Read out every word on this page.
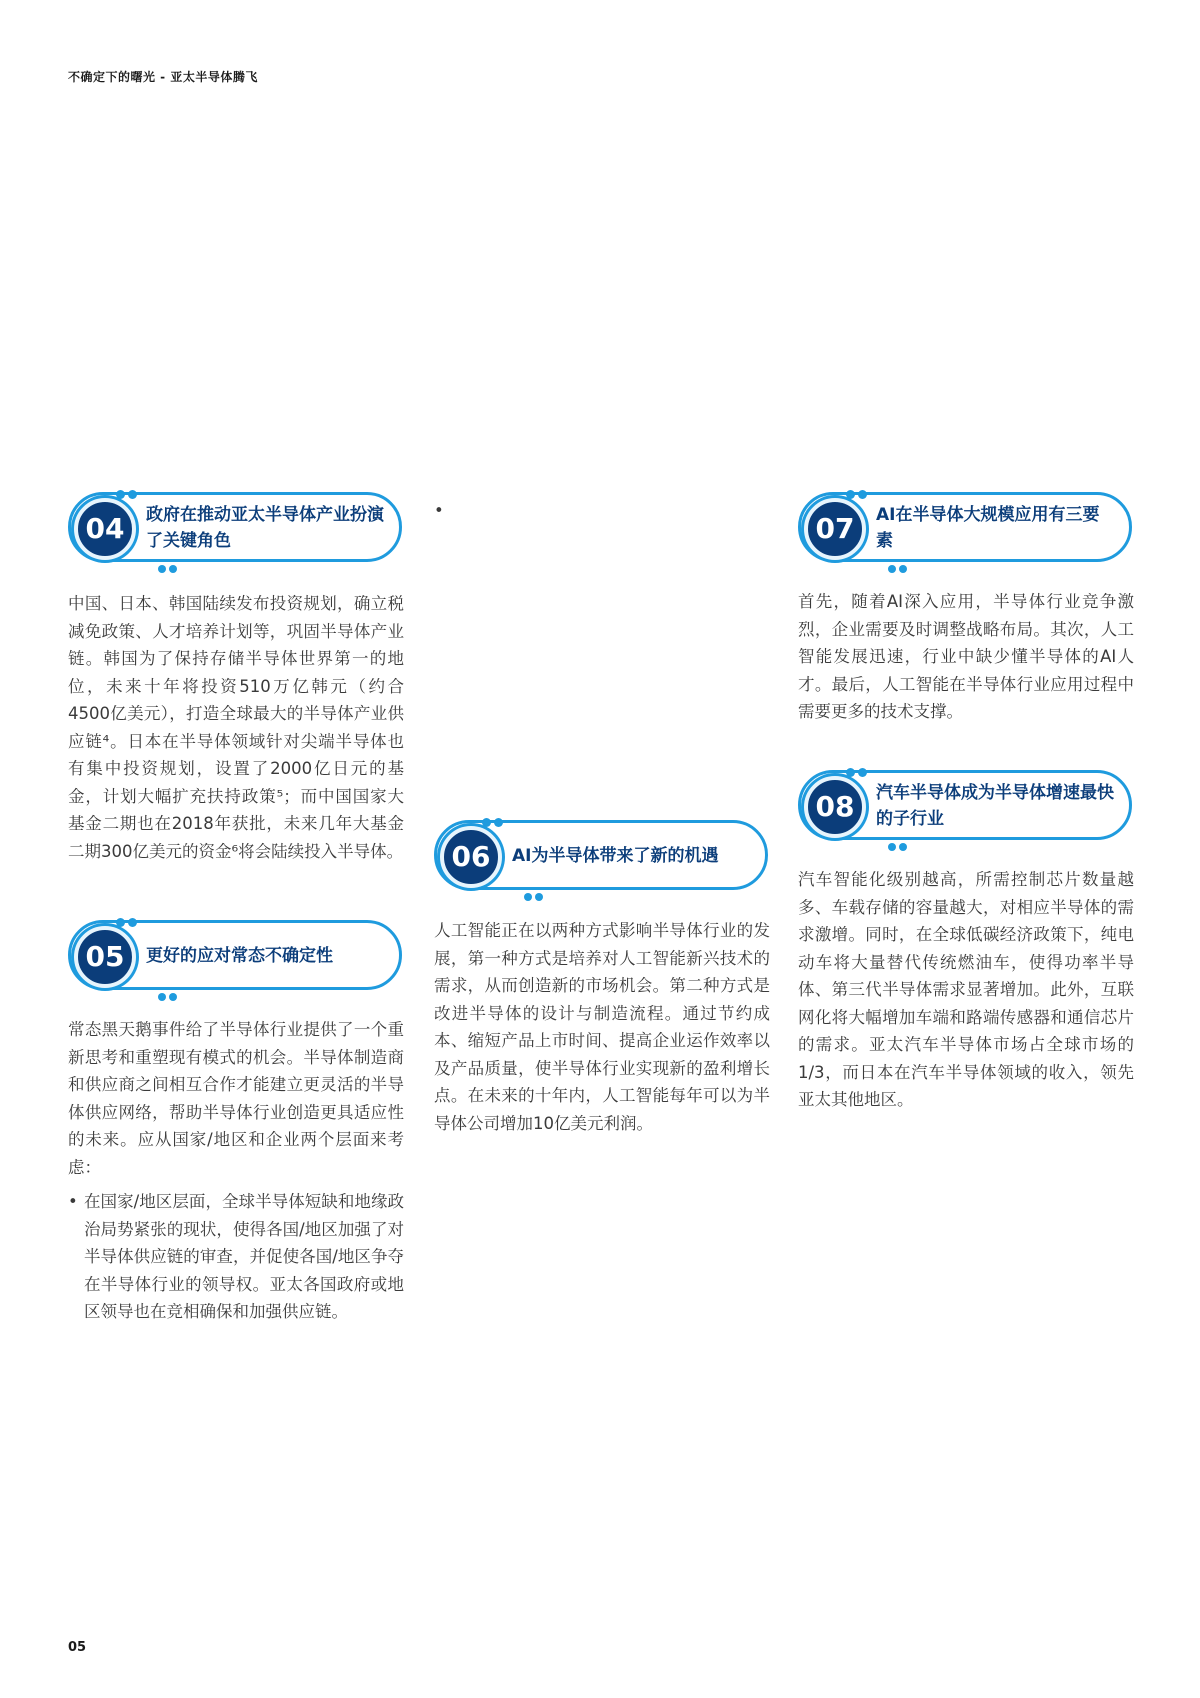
不确定下的曙光 - 亚太半导体腾飞
04	政府在推动亚太半导体产业扮演了关键角色
中国、日本、韩国陆续发布投资规划，确立税减免政策、人才培养计划等，巩固半导体产业链。韩国为了保持存储半导体世界第一的地位，未来十年将投资510万亿韩元（约合4500亿美元），打造全球最大的半导体产业供应链⁴。日本在半导体领域针对尖端半导体也有集中投资规划，设置了2000亿日元的基金，计划大幅扩充扶持政策⁵；而中国国家大基金二期也在2018年获批，未来几年大基金二期300亿美元的资金⁶将会陆续投入半导体。
05	更好的应对常态不确定性
常态黑天鹅事件给了半导体行业提供了一个重新思考和重塑现有模式的机会。半导体制造商和供应商之间相互合作才能建立更灵活的半导体供应网络，帮助半导体行业创造更具适应性的未来。应从国家/地区和企业两个层面来考虑：
• 在国家/地区层面，全球半导体短缺和地缘政治局势紧张的现状，使得各国/地区加强了对半导体供应链的审查，并促使各国/地区争夺在半导体行业的领导权。亚太各国政府或地区领导也在竞相确保和加强供应链。
06	AI为半导体带来了新的机遇
人工智能正在以两种方式影响半导体行业的发展，第一种方式是培养对人工智能新兴技术的需求，从而创造新的市场机会。第二种方式是改进半导体的设计与制造流程。通过节约成本、缩短产品上市时间、提高企业运作效率以及产品质量，使半导体行业实现新的盈利增长点。在未来的十年内，人工智能每年可以为半导体公司增加10亿美元利润。
07	AI在半导体大规模应用有三要素
首先，随着AI深入应用，半导体行业竞争激烈，企业需要及时调整战略布局。其次，人工智能发展迅速，行业中缺少懂半导体的AI人才。最后，人工智能在半导体行业应用过程中需要更多的技术支撑。
08	汽车半导体成为半导体增速最快的子行业
汽车智能化级别越高，所需控制芯片数量越多、车载存储的容量越大，对相应半导体的需求激增。同时，在全球低碳经济政策下，纯电动车将大量替代传统燃油车，使得功率半导体、第三代半导体需求显著增加。此外，互联网化将大幅增加车端和路端传感器和通信芯片的需求。亚太汽车半导体市场占全球市场的1/3，而日本在汽车半导体领域的收入，领先亚太其他地区。
05
